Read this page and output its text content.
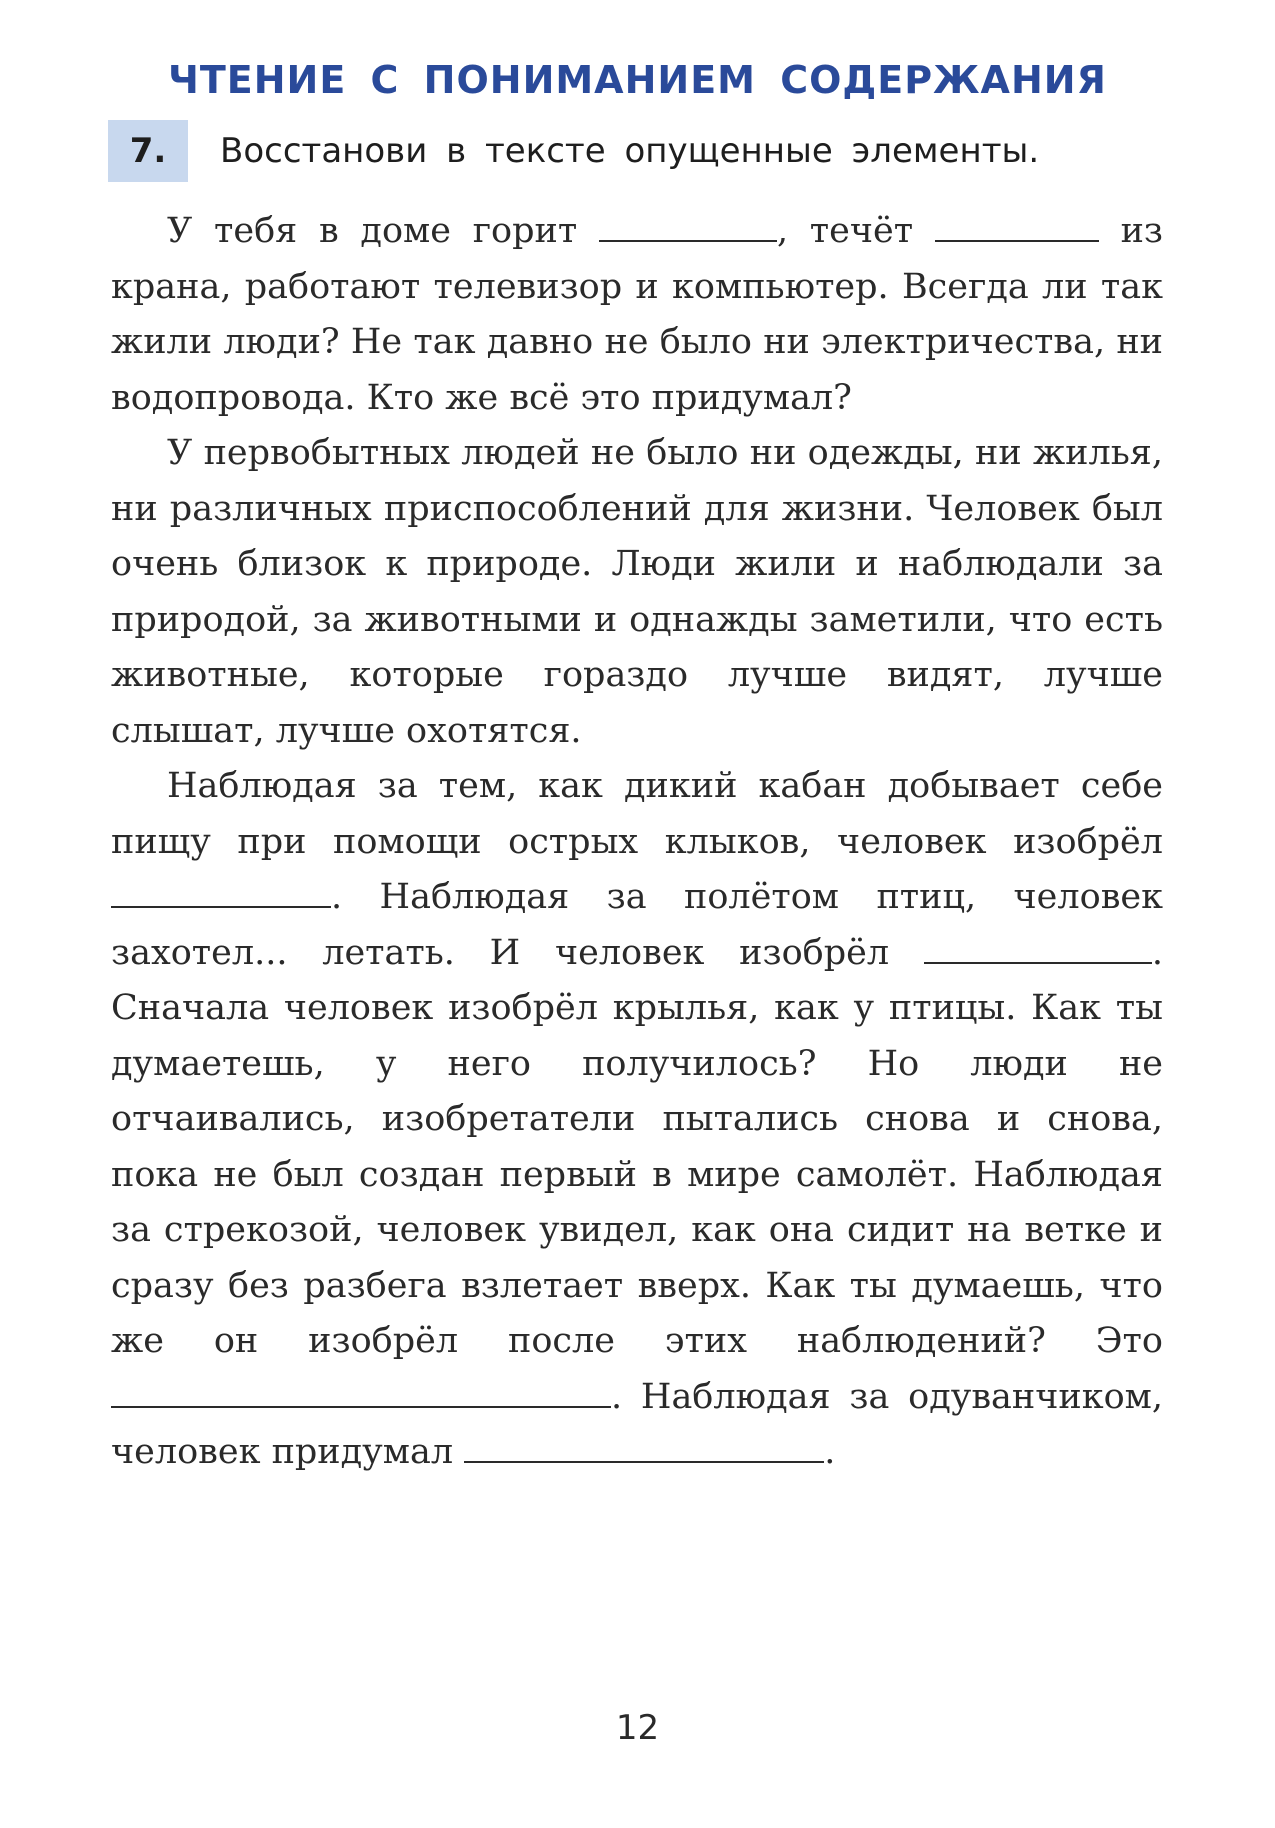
ЧТЕНИЕ С ПОНИМАНИЕМ СОДЕРЖАНИЯ
7.	Восстанови в тексте опущенные элементы.

У тебя в доме горит	, течёт	из крана, работают телевизор и компьютер. Всегда ли так жили люди? Не так давно не было ни электричества, ни водопровода. Кто же всё это придумал?

У первобытных людей не было ни одежды, ни жилья, ни различных приспособлений для жизни. Человек был очень близок к природе. Люди жили и наблюдали за природой, за животными и однажды заметили, что есть животные, которые гораздо лучше видят, лучше слышат, лучше охотятся.

Наблюдая за тем, как дикий кабан добывает себе пищу при помощи острых клыков, человек изобрёл . Наблюдая за полётом птиц, человек захотел... летать. И человек изобрёл	. Сначала человек изобрёл крылья, как у птицы. Как ты думаетешь, у него получилось? Но люди не отчаивались, изобретатели пытались снова и снова, пока не был создан первый в мире самолёт. Наблюдая за стрекозой, человек увидел, как она сидит на ветке и сразу без разбега взлетает вверх. Как ты думаешь, что же он изобрёл после этих наблюдений? Это . Наблюдая за одуванчиком, человек придумал	.

12
